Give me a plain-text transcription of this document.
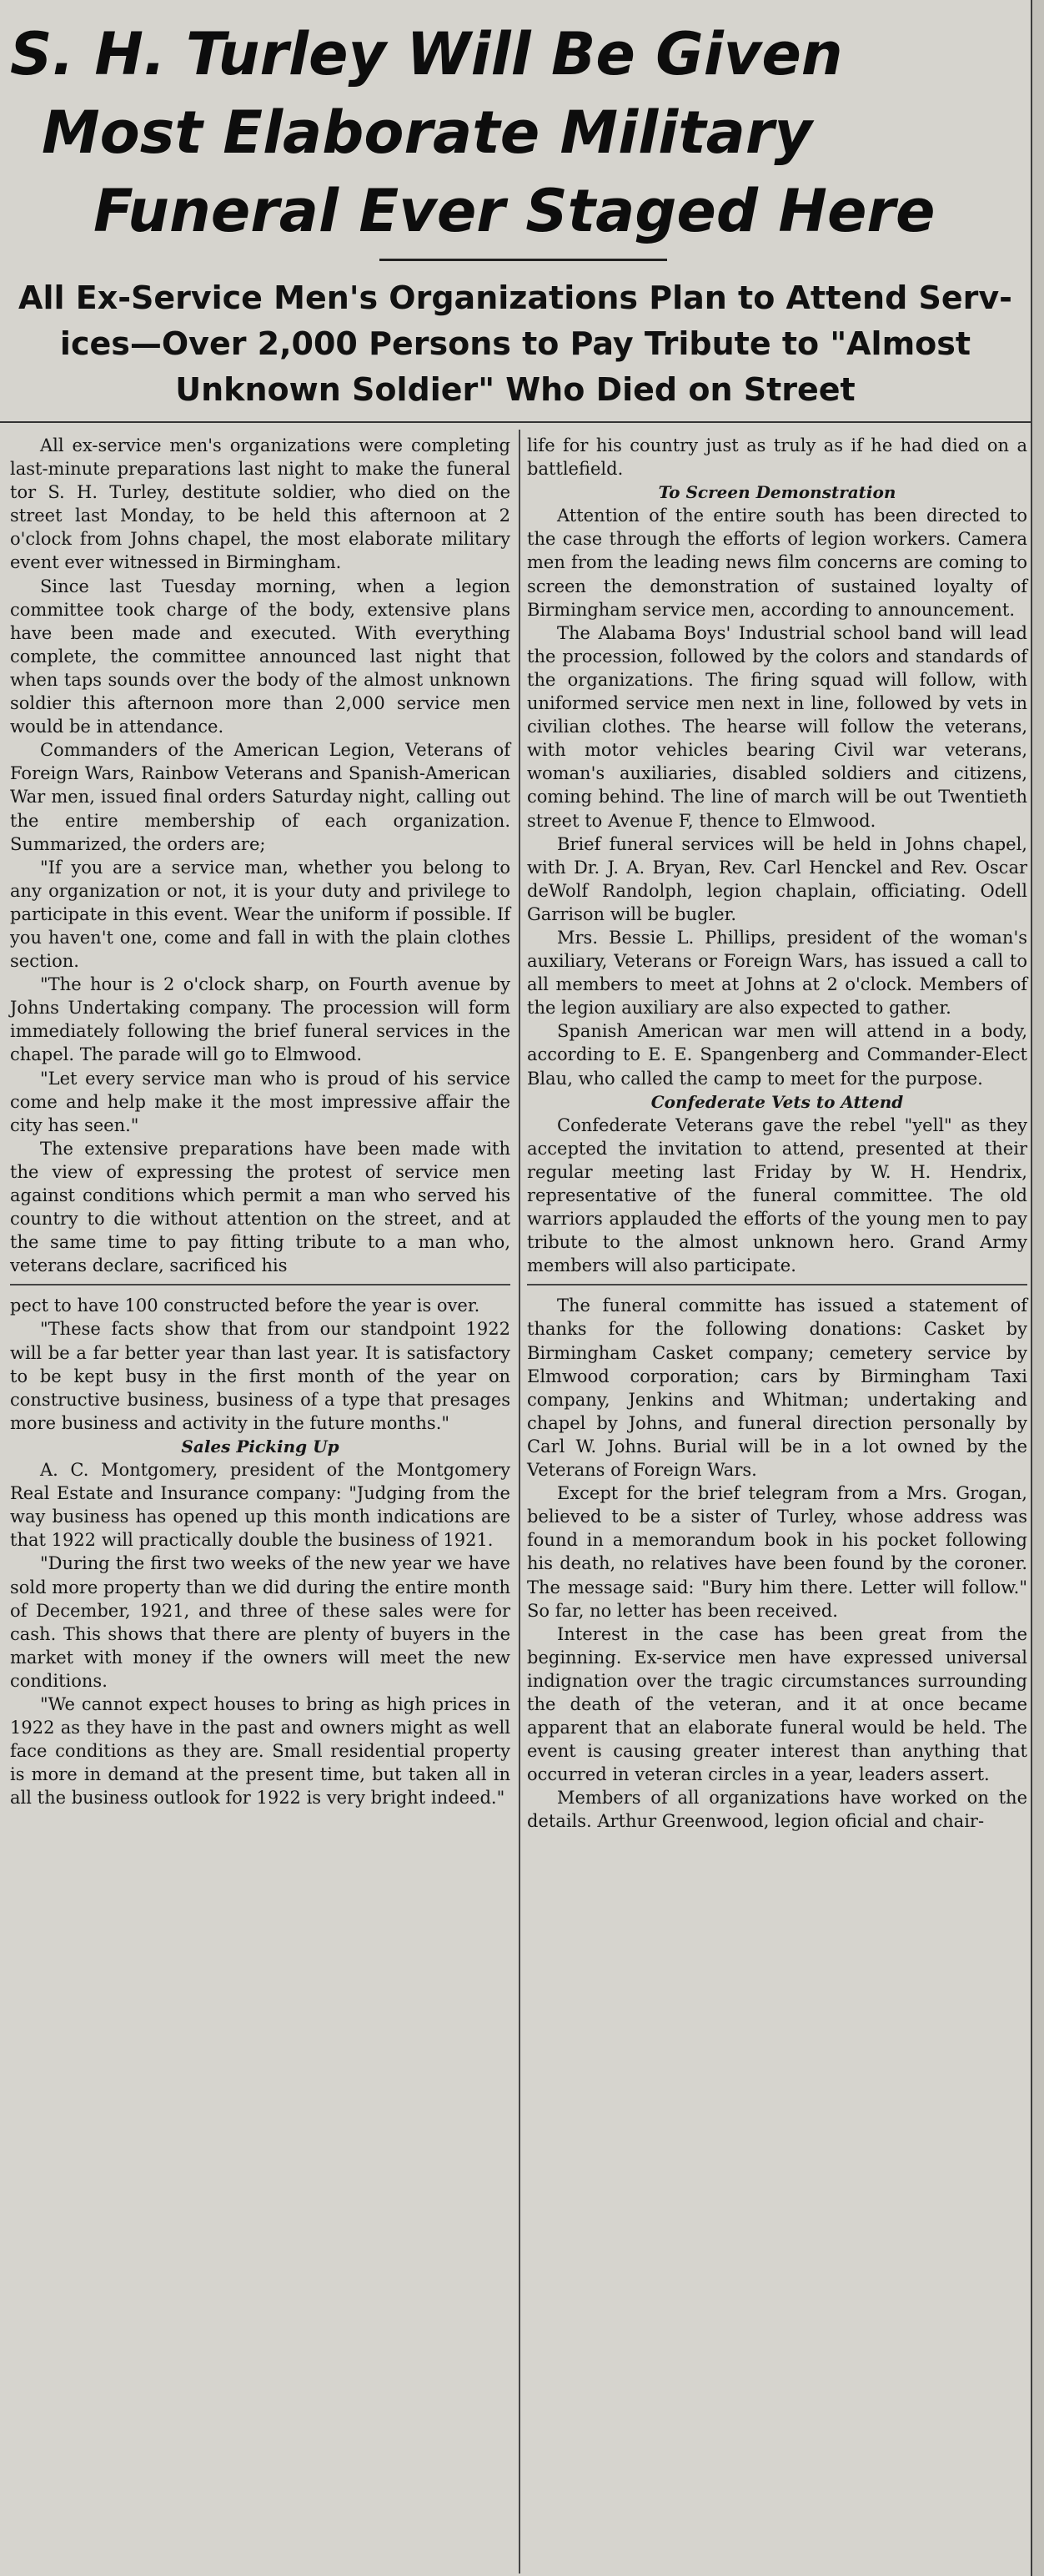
S. H. Turley Will Be Given
Most Elaborate Military
Funeral Ever Staged Here
All Ex-Service Men's Organizations Plan to Attend Serv-
ices—Over 2,000 Persons to Pay Tribute to "Almost
Unknown Soldier" Who Died on Street

All ex-service men's organizations were completing last-minute preparations last night to make the funeral tor S. H. Turley, destitute soldier, who died on the street last Monday, to be held this afternoon at 2 o'clock from Johns chapel, the most elaborate military event ever witnessed in Birmingham.

Since last Tuesday morning, when a legion committee took charge of the body, extensive plans have been made and executed. With everything complete, the committee announced last night that when taps sounds over the body of the almost unknown soldier this afternoon more than 2,000 service men would be in attendance.

Commanders of the American Legion, Veterans of Foreign Wars, Rainbow Veterans and Spanish-American War men, issued final orders Saturday night, calling out the entire membership of each organization. Summarized, the orders are;

"If you are a service man, whether you belong to any organization or not, it is your duty and privilege to participate in this event. Wear the uniform if possible. If you haven't one, come and fall in with the plain clothes section.

"The hour is 2 o'clock sharp, on Fourth avenue by Johns Undertaking company. The procession will form immediately following the brief funeral services in the chapel. The parade will go to Elmwood.

"Let every service man who is proud of his service come and help make it the most impressive affair the city has seen."

The extensive preparations have been made with the view of expressing the protest of service men against conditions which permit a man who served his country to die without attention on the street, and at the same time to pay fitting tribute to a man who, veterans declare, sacrificed his

pect to have 100 constructed before the year is over.

"These facts show that from our standpoint 1922 will be a far better year than last year. It is satisfactory to be kept busy in the first month of the year on constructive business, business of a type that presages more business and activity in the future months."

Sales Picking Up

A. C. Montgomery, president of the Montgomery Real Estate and Insurance company: "Judging from the way business has opened up this month indications are that 1922 will practically double the business of 1921.

"During the first two weeks of the new year we have sold more property than we did during the entire month of December, 1921, and three of these sales were for cash. This shows that there are plenty of buyers in the market with money if the owners will meet the new conditions.

"We cannot expect houses to bring as high prices in 1922 as they have in the past and owners might as well face conditions as they are. Small residential property is more in demand at the present time, but taken all in all the business outlook for 1922 is very bright indeed."

life for his country just as truly as if he had died on a battlefield.

To Screen Demonstration

Attention of the entire south has been directed to the case through the efforts of legion workers. Camera men from the leading news film concerns are coming to screen the demonstration of sustained loyalty of Birmingham service men, according to announcement.

The Alabama Boys' Industrial school band will lead the procession, followed by the colors and standards of the organizations. The firing squad will follow, with uniformed service men next in line, followed by vets in civilian clothes. The hearse will follow the veterans, with motor vehicles bearing Civil war veterans, woman's auxiliaries, disabled soldiers and citizens, coming behind. The line of march will be out Twentieth street to Avenue F, thence to Elmwood.

Brief funeral services will be held in Johns chapel, with Dr. J. A. Bryan, Rev. Carl Henckel and Rev. Oscar deWolf Randolph, legion chaplain, officiating. Odell Garrison will be bugler.

Mrs. Bessie L. Phillips, president of the woman's auxiliary, Veterans or Foreign Wars, has issued a call to all members to meet at Johns at 2 o'clock. Members of the legion auxiliary are also expected to gather.

Spanish American war men will attend in a body, according to E. E. Spangenberg and Commander-Elect Blau, who called the camp to meet for the purpose.

Confederate Vets to Attend

Confederate Veterans gave the rebel "yell" as they accepted the invitation to attend, presented at their regular meeting last Friday by W. H. Hendrix, representative of the funeral committee. The old warriors applauded the efforts of the young men to pay tribute to the almost unknown hero. Grand Army members will also participate.

The funeral committe has issued a statement of thanks for the following donations: Casket by Birmingham Casket company; cemetery service by Elmwood corporation; cars by Birmingham Taxi company, Jenkins and Whitman; undertaking and chapel by Johns, and funeral direction personally by Carl W. Johns. Burial will be in a lot owned by the Veterans of Foreign Wars.

Except for the brief telegram from a Mrs. Grogan, believed to be a sister of Turley, whose address was found in a memorandum book in his pocket following his death, no relatives have been found by the coroner. The message said: "Bury him there. Letter will follow." So far, no letter has been received.

Interest in the case has been great from the beginning. Ex-service men have expressed universal indignation over the tragic circumstances surrounding the death of the veteran, and it at once became apparent that an elaborate funeral would be held. The event is causing greater interest than anything that occurred in veteran circles in a year, leaders assert.

Members of all organizations have worked on the details. Arthur Greenwood, legion oficial and chair-
